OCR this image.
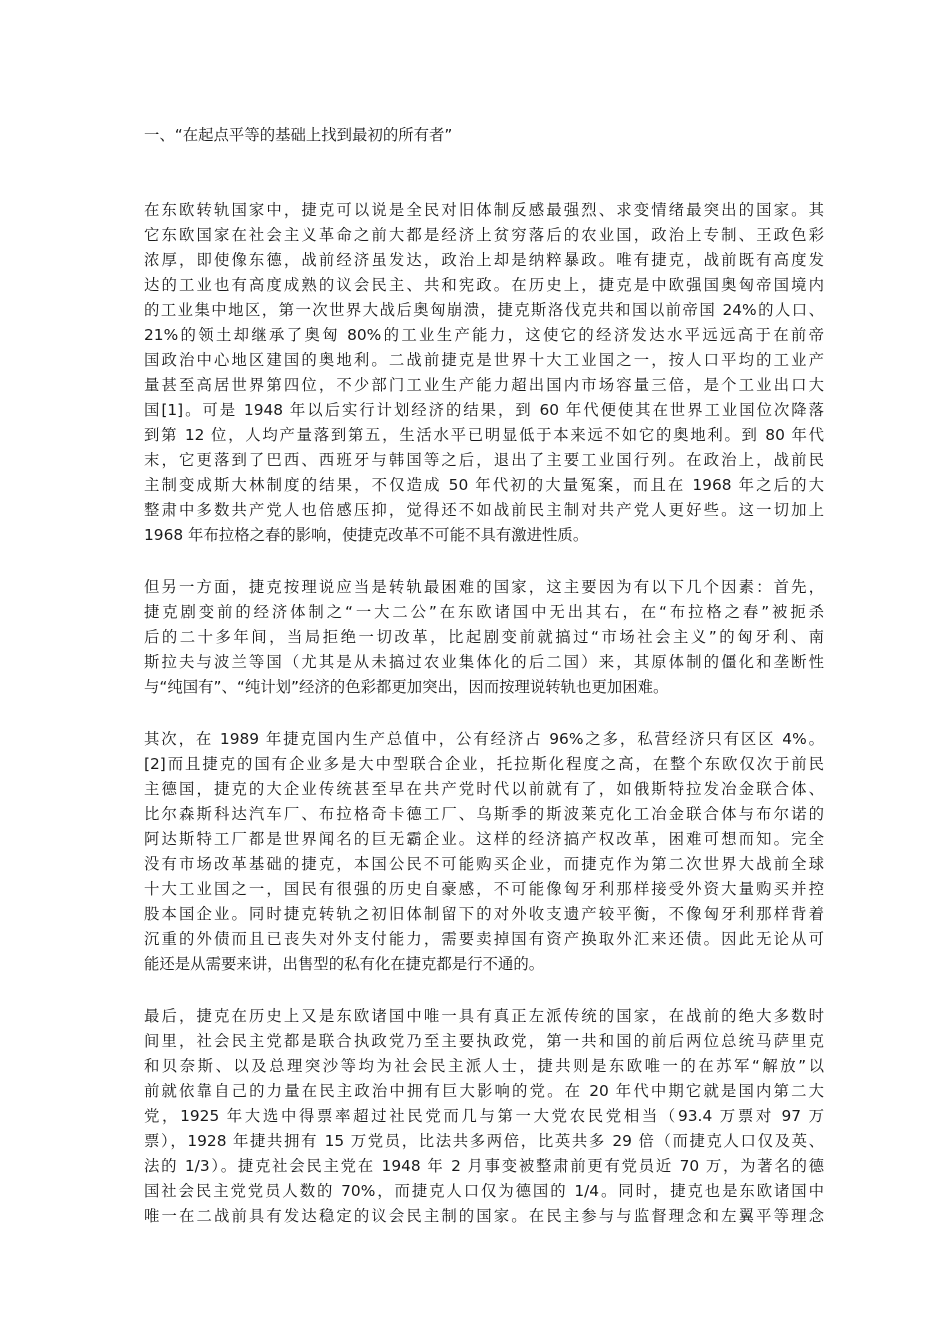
一、“在起点平等的基础上找到最初的所有者”
在东欧转轨国家中，捷克可以说是全民对旧体制反感最强烈、求变情绪最突出的国家。其
它东欧国家在社会主义革命之前大都是经济上贫穷落后的农业国，政治上专制、王政色彩
浓厚，即使像东德，战前经济虽发达，政治上却是纳粹暴政。唯有捷克，战前既有高度发
达的工业也有高度成熟的议会民主、共和宪政。在历史上，捷克是中欧强国奥匈帝国境内
的工业集中地区，第一次世界大战后奥匈崩溃，捷克斯洛伐克共和国以前帝国 24%的人口、
21%的领土却继承了奥匈 80%的工业生产能力，这使它的经济发达水平远远高于在前帝
国政治中心地区建国的奥地利。二战前捷克是世界十大工业国之一，按人口平均的工业产
量甚至高居世界第四位，不少部门工业生产能力超出国内市场容量三倍，是个工业出口大
国[1]。可是 1948 年以后实行计划经济的结果，到 60 年代便使其在世界工业国位次降落
到第 12 位，人均产量落到第五，生活水平已明显低于本来远不如它的奥地利。到 80 年代
末，它更落到了巴西、西班牙与韩国等之后，退出了主要工业国行列。在政治上，战前民
主制变成斯大林制度的结果，不仅造成 50 年代初的大量冤案，而且在 1968 年之后的大
整肃中多数共产党人也倍感压抑，觉得还不如战前民主制对共产党人更好些。这一切加上
1968 年布拉格之春的影响，使捷克改革不可能不具有激进性质。
但另一方面，捷克按理说应当是转轨最困难的国家，这主要因为有以下几个因素：首先，
捷克剧变前的经济体制之“一大二公”在东欧诸国中无出其右，在“布拉格之春”被扼杀
后的二十多年间，当局拒绝一切改革，比起剧变前就搞过“市场社会主义”的匈牙利、南
斯拉夫与波兰等国（尤其是从未搞过农业集体化的后二国）来，其原体制的僵化和垄断性
与“纯国有”、“纯计划”经济的色彩都更加突出，因而按理说转轨也更加困难。
其次，在 1989 年捷克国内生产总值中，公有经济占 96%之多，私营经济只有区区 4%。
[2]而且捷克的国有企业多是大中型联合企业，托拉斯化程度之高，在整个东欧仅次于前民
主德国，捷克的大企业传统甚至早在共产党时代以前就有了，如俄斯特拉发冶金联合体、
比尔森斯科达汽车厂、布拉格奇卡德工厂、乌斯季的斯波莱克化工冶金联合体与布尔诺的
阿达斯特工厂都是世界闻名的巨无霸企业。这样的经济搞产权改革，困难可想而知。完全
没有市场改革基础的捷克，本国公民不可能购买企业，而捷克作为第二次世界大战前全球
十大工业国之一，国民有很强的历史自豪感，不可能像匈牙利那样接受外资大量购买并控
股本国企业。同时捷克转轨之初旧体制留下的对外收支遗产较平衡，不像匈牙利那样背着
沉重的外债而且已丧失对外支付能力，需要卖掉国有资产换取外汇来还债。因此无论从可
能还是从需要来讲，出售型的私有化在捷克都是行不通的。
最后，捷克在历史上又是东欧诸国中唯一具有真正左派传统的国家，在战前的绝大多数时
间里，社会民主党都是联合执政党乃至主要执政党，第一共和国的前后两位总统马萨里克
和贝奈斯、以及总理突沙等均为社会民主派人士，捷共则是东欧唯一的在苏军“解放”以
前就依靠自己的力量在民主政治中拥有巨大影响的党。在 20 年代中期它就是国内第二大
党，1925 年大选中得票率超过社民党而几与第一大党农民党相当（93.4 万票对 97 万
票），1928 年捷共拥有 15 万党员，比法共多两倍，比英共多 29 倍（而捷克人口仅及英、
法的 1/3）。捷克社会民主党在 1948 年 2 月事变被整肃前更有党员近 70 万，为著名的德
国社会民主党党员人数的 70%，而捷克人口仅为德国的 1/4。同时，捷克也是东欧诸国中
唯一在二战前具有发达稳定的议会民主制的国家。在民主参与与监督理念和左翼平等理念
